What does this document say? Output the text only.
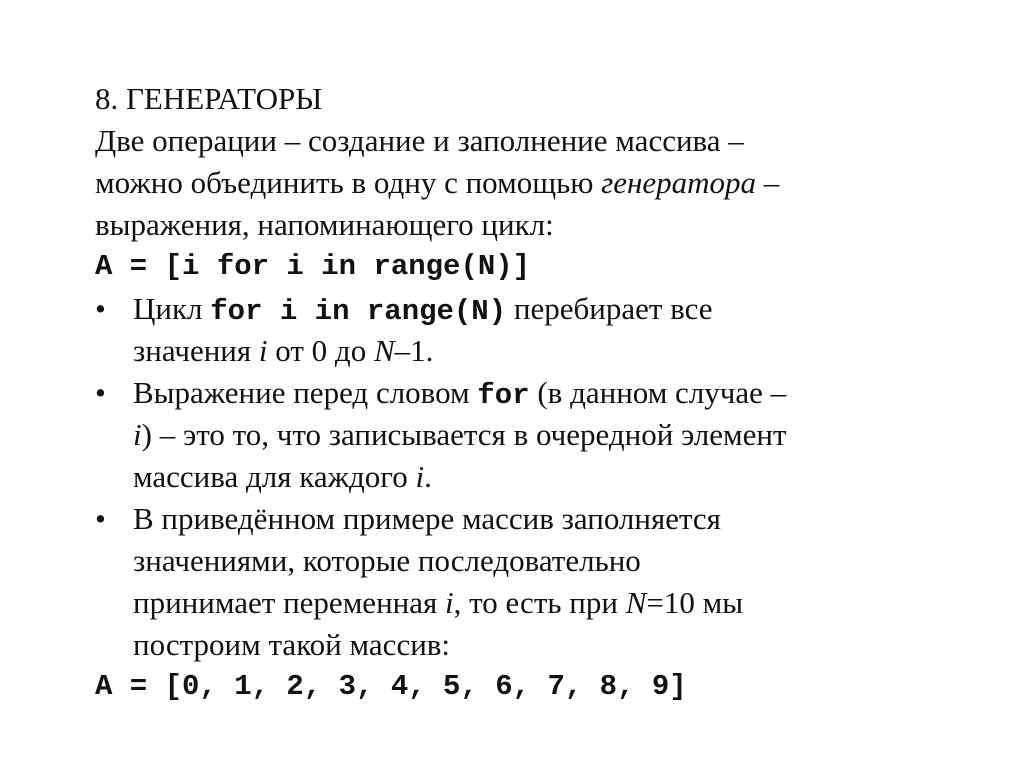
8. ГЕНЕРАТОРЫ
Две операции – создание и заполнение массива –
можно объединить в одну с помощью генератора –
выражения, напоминающего цикл:
A = [i for i in range(N)]
• Цикл for i in range(N) перебирает все
значения i от 0 до N–1.
• Выражение перед словом for (в данном случае –
i) – это то, что записывается в очередной элемент
массива для каждого i.
• В приведённом примере массив заполняется
значениями, которые последовательно
принимает переменная i, то есть при N=10 мы
построим такой массив:
A = [0, 1, 2, 3, 4, 5, 6, 7, 8, 9]
